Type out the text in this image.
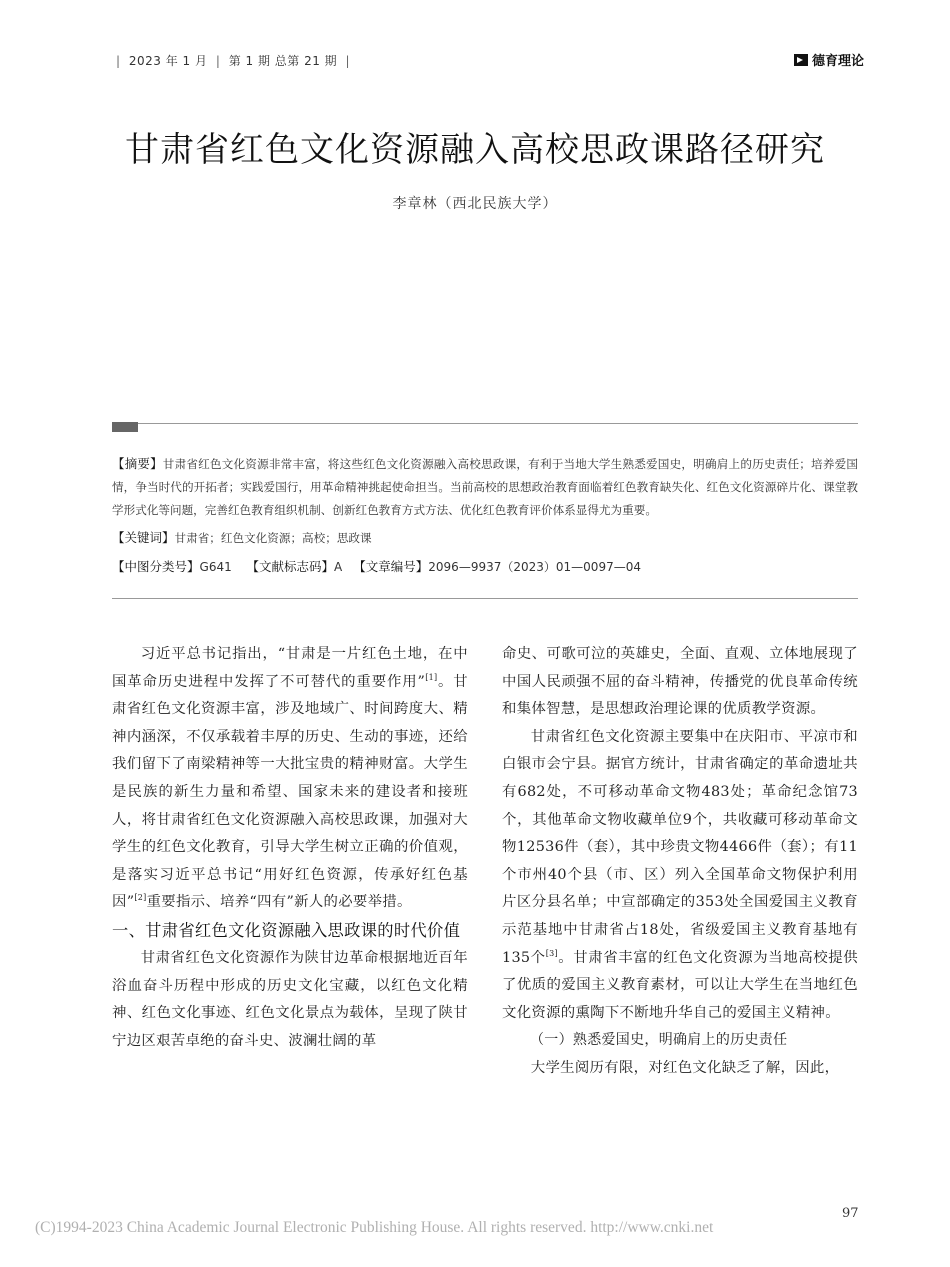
| 2023 年 1 月 | 第 1 期 总第 21 期 |	德育理论
甘肃省红色文化资源融入高校思政课路径研究
李章林（西北民族大学）
【摘要】甘肃省红色文化资源非常丰富，将这些红色文化资源融入高校思政课，有利于当地大学生熟悉爱国史，明确肩上的历史责任；培养爱国情，争当时代的开拓者；实践爱国行，用革命精神挑起使命担当。当前高校的思想政治教育面临着红色教育缺失化、红色文化资源碎片化、课堂教学形式化等问题，完善红色教育组织机制、创新红色教育方式方法、优化红色教育评价体系显得尤为重要。
【关键词】甘肃省；红色文化资源；高校；思政课
【中图分类号】G641 【文献标志码】A 【文章编号】2096—9937（2023）01—0097—04

习近平总书记指出，“甘肃是一片红色土地，在中国革命历史进程中发挥了不可替代的重要作用”[1]。甘肃省红色文化资源丰富，涉及地域广、时间跨度大、精神内涵深，不仅承载着丰厚的历史、生动的事迹，还给我们留下了南梁精神等一大批宝贵的精神财富。大学生是民族的新生力量和希望、国家未来的建设者和接班人，将甘肃省红色文化资源融入高校思政课，加强对大学生的红色文化教育，引导大学生树立正确的价值观，是落实习近平总书记“用好红色资源，传承好红色基因”[2]重要指示、培养“四有”新人的必要举措。

一、甘肃省红色文化资源融入思政课的时代价值

甘肃省红色文化资源作为陕甘边革命根据地近百年浴血奋斗历程中形成的历史文化宝藏，以红色文化精神、红色文化事迹、红色文化景点为载体，呈现了陕甘宁边区艰苦卓绝的奋斗史、波澜壮阔的革

命史、可歌可泣的英雄史，全面、直观、立体地展现了中国人民顽强不屈的奋斗精神，传播党的优良革命传统和集体智慧，是思想政治理论课的优质教学资源。

甘肃省红色文化资源主要集中在庆阳市、平凉市和白银市会宁县。据官方统计，甘肃省确定的革命遗址共有682处，不可移动革命文物483处；革命纪念馆73个，其他革命文物收藏单位9个，共收藏可移动革命文物12536件（套），其中珍贵文物4466件（套）；有11个市州40个县（市、区）列入全国革命文物保护利用片区分县名单；中宣部确定的353处全国爱国主义教育示范基地中甘肃省占18处，省级爱国主义教育基地有135个[3]。甘肃省丰富的红色文化资源为当地高校提供了优质的爱国主义教育素材，可以让大学生在当地红色文化资源的熏陶下不断地升华自己的爱国主义精神。

（一）熟悉爱国史，明确肩上的历史责任

大学生阅历有限，对红色文化缺乏了解，因此，

97
(C)1994-2023 China Academic Journal Electronic Publishing House. All rights reserved. http://www.cnki.net
